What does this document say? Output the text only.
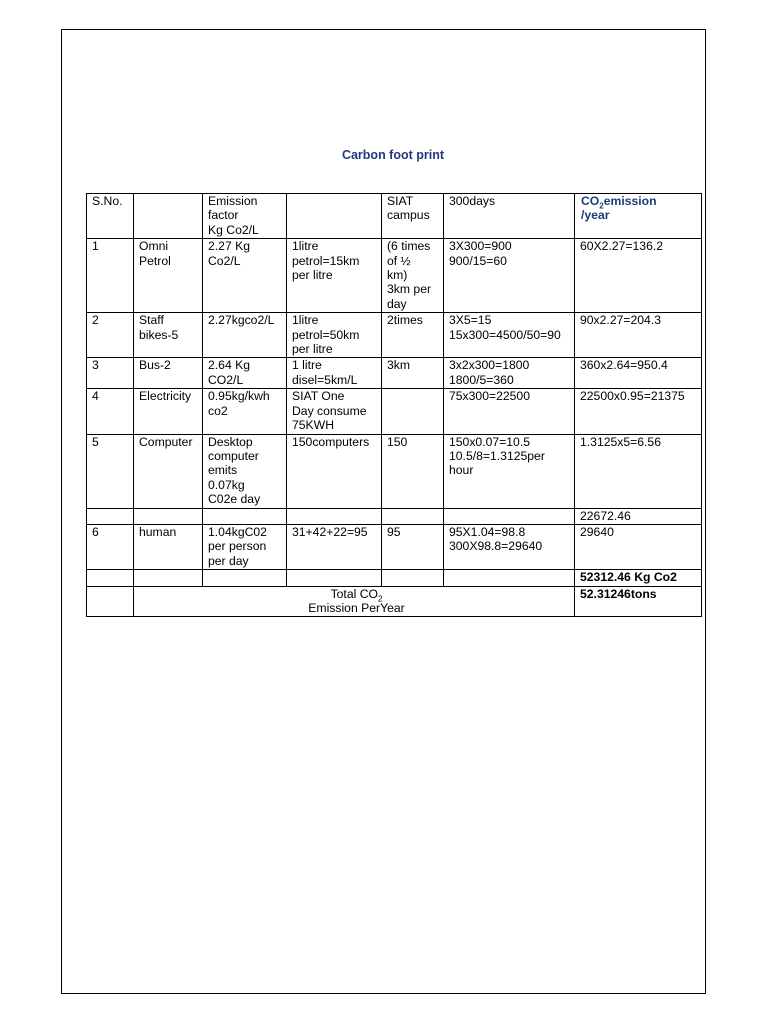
Carbon foot print
S.No.		Emission
factor
Kg Co2/L		SIAT
campus	300days	$CO_2emission$
/year
1	Omni
Petrol	2.27 Kg
Co2/L	1litre
petrol=15km
per litre	(6 times
of ½
km)
3km per
day	3X300=900
900/15=60	60X2.27=136.2
2	Staff
bikes-5	2.27kgco2/L	1litre
petrol=50km
per litre	2times	3X5=15
15x300=4500/50=90	90x2.27=204.3
3	Bus-2	2.64 Kg
CO2/L	1 litre
disel=5km/L	3km	3x2x300=1800
1800/5=360	360x2.64=950.4
4	Electricity	0.95kg/kwh
co2	SIAT One
Day consume
75KWH		75x300=22500	22500x0.95=21375
5	Computer	Desktop
computer
emits
0.07kg
C02e day	150computers	150	150x0.07=10.5
10.5/8=1.3125per
hour	1.3125x5=6.56
						22672.46
6	human	1.04kgC02
per person
per day	31+42+22=95	95	95X1.04=98.8
300X98.8=29640	29640
						52312.46 Kg Co2
	Total $CO_2$
Emission PerYear					52.31246tons
